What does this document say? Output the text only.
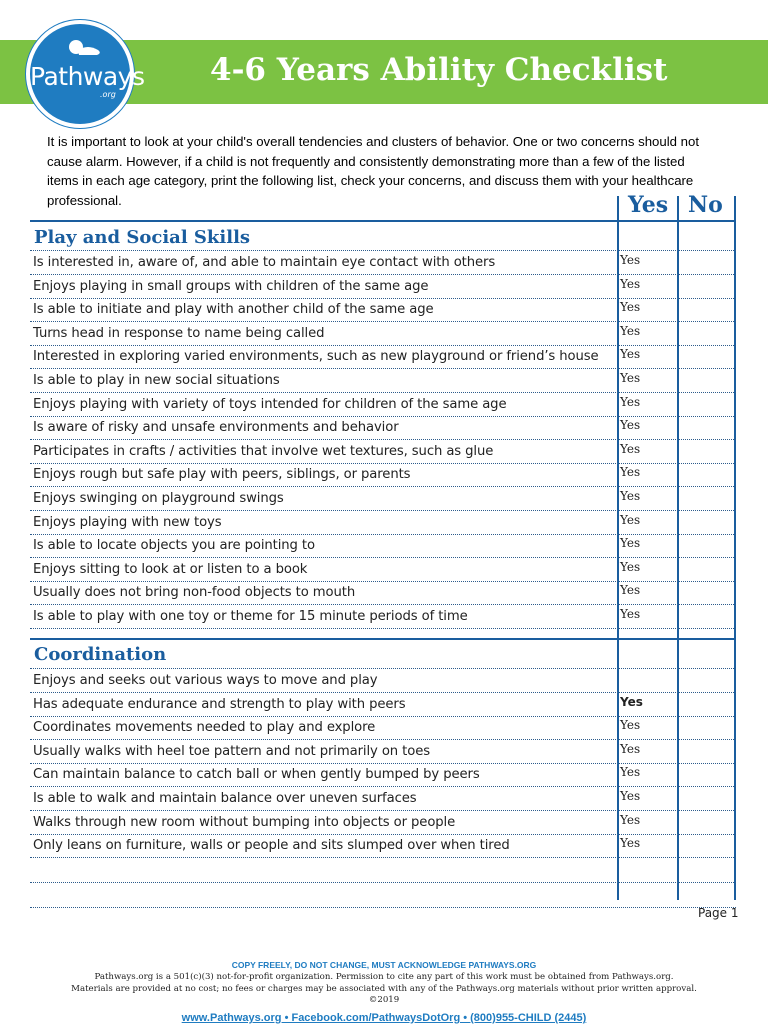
Pathways
.org
4-6 Years Ability Checklist
It is important to look at your child's overall tendencies and clusters of behavior. One or two concerns should not cause alarm. However, if a child is not frequently and consistently demonstrating more than a few of the listed items in each age category, print the following list, check your concerns, and discuss them with your healthcare professional.	Yes No
Play and Social Skills
Coordination
Page 1
COPY FREELY, DO NOT CHANGE, MUST ACKNOWLEDGE PATHWAYS.ORG
Pathways.org is a 501(c)(3) not-for-profit organization. Permission to cite any part of this work must be obtained from Pathways.org.
Materials are provided at no cost; no fees or charges may be associated with any of the Pathways.org materials without prior written approval.
©2019
www.Pathways.org • Facebook.com/PathwaysDotOrg • (800)955-CHILD (2445)
Is interested in, aware of, and able to maintain eye contact with others	Yes
Enjoys playing in small groups with children of the same age	Yes
Is able to initiate and play with another child of the same age	Yes
Turns head in response to name being called	Yes
Interested in exploring varied environments, such as new playground or friend’s house	Yes
Is able to play in new social situations	Yes
Enjoys playing with variety of toys intended for children of the same age	Yes
Is aware of risky and unsafe environments and behavior	Yes
Participates in crafts / activities that involve wet textures, such as glue	Yes
Enjoys rough but safe play with peers, siblings, or parents	Yes
Enjoys swinging on playground swings	Yes
Enjoys playing with new toys	Yes
Is able to locate objects you are pointing to	Yes
Enjoys sitting to look at or listen to a book	Yes
Usually does not bring non-food objects to mouth	Yes
Is able to play with one toy or theme for 15 minute periods of time	Yes
Enjoys and seeks out various ways to move and play
Has adequate endurance and strength to play with peers	Yes
Coordinates movements needed to play and explore	Yes
Usually walks with heel toe pattern and not primarily on toes	Yes
Can maintain balance to catch ball or when gently bumped by peers	Yes
Is able to walk and maintain balance over uneven surfaces	Yes
Walks through new room without bumping into objects or people	Yes
Only leans on furniture, walls or people and sits slumped over when tired	Yes
